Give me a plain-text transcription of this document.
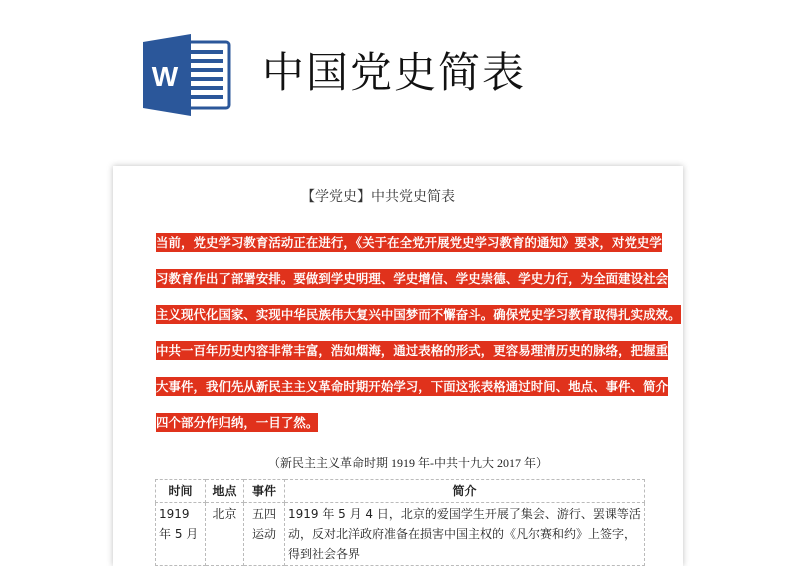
W 中国党史简表
【学党史】中共党史简表
当前，党史学习教育活动正在进行，《关于在全党开展党史学习教育的通知》要求，对党史学
习教育作出了部署安排。要做到学史明理、学史增信、学史崇德、学史力行，为全面建设社会
主义现代化国家、实现中华民族伟大复兴中国梦而不懈奋斗。确保党史学习教育取得扎实成效。
中共一百年历史内容非常丰富，浩如烟海，通过表格的形式，更容易理清历史的脉络，把握重
大事件，我们先从新民主主义革命时期开始学习，下面这张表格通过时间、地点、事件、简介
四个部分作归纳，一目了然。
（新民主主义革命时期 1919 年-中共十九大 2017 年）
时间	地点	事件	简介
1919 年 5 月	北京	五四运动	1919 年 5 月 4 日，北京的爱国学生开展了集会、游行、罢课等活动，反对北洋政府准备在损害中国主权的《凡尔赛和约》上签字，得到社会各界
